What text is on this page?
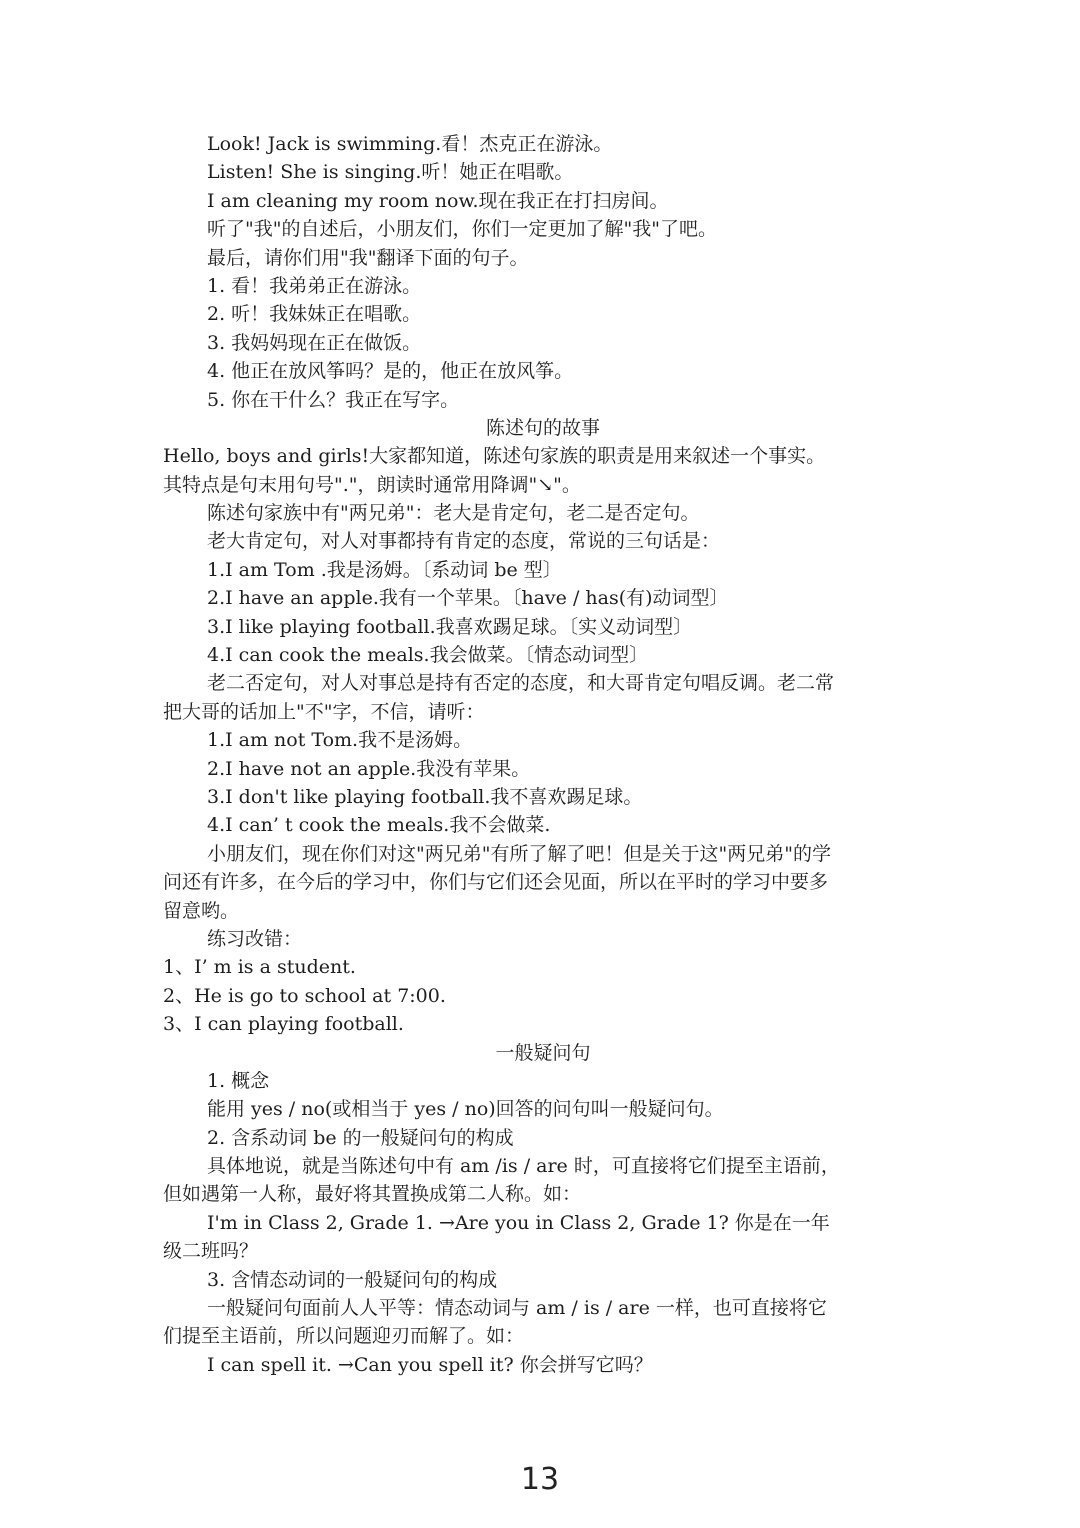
Look! Jack is swimming.看！杰克正在游泳。
Listen! She is singing.听！她正在唱歌。
I am cleaning my room now.现在我正在打扫房间。
听了"我"的自述后，小朋友们，你们一定更加了解"我"了吧。
最后，请你们用"我"翻译下面的句子。
1. 看！我弟弟正在游泳。
2. 听！我妹妹正在唱歌。
3. 我妈妈现在正在做饭。
4. 他正在放风筝吗？是的，他正在放风筝。
5. 你在干什么？我正在写字。
陈述句的故事
Hello, boys and girls!大家都知道，陈述句家族的职责是用来叙述一个事实。
其特点是句末用句号"."，朗读时通常用降调"↘"。
陈述句家族中有"两兄弟"：老大是肯定句，老二是否定句。
老大肯定句，对人对事都持有肯定的态度，常说的三句话是：
1.I am Tom .我是汤姆。〔系动词 be 型〕
2.I have an apple.我有一个苹果。〔have / has(有)动词型〕
3.I like playing football.我喜欢踢足球。〔实义动词型〕
4.I can cook the meals.我会做菜。〔情态动词型〕
老二否定句，对人对事总是持有否定的态度，和大哥肯定句唱反调。老二常
把大哥的话加上"不"字，不信，请听：
1.I am not Tom.我不是汤姆。
2.I have not an apple.我没有苹果。
3.I don't like playing football.我不喜欢踢足球。
4.I can’ t cook the meals.我不会做菜.
小朋友们，现在你们对这"两兄弟"有所了解了吧！但是关于这"两兄弟"的学
问还有许多，在今后的学习中，你们与它们还会见面，所以在平时的学习中要多
留意哟。
练习改错：
1、I’ m is a student.
2、He is go to school at 7:00.
3、I can playing football.
一般疑问句
1. 概念
能用 yes / no(或相当于 yes / no)回答的问句叫一般疑问句。
2. 含系动词 be 的一般疑问句的构成
具体地说，就是当陈述句中有 am /is / are 时，可直接将它们提至主语前，
但如遇第一人称，最好将其置换成第二人称。如：
I'm in Class 2, Grade 1. →Are you in Class 2, Grade 1? 你是在一年
级二班吗？
3. 含情态动词的一般疑问句的构成
一般疑问句面前人人平等：情态动词与 am / is / are 一样，也可直接将它
们提至主语前，所以问题迎刃而解了。如：
I can spell it. →Can you spell it? 你会拼写它吗？
13
